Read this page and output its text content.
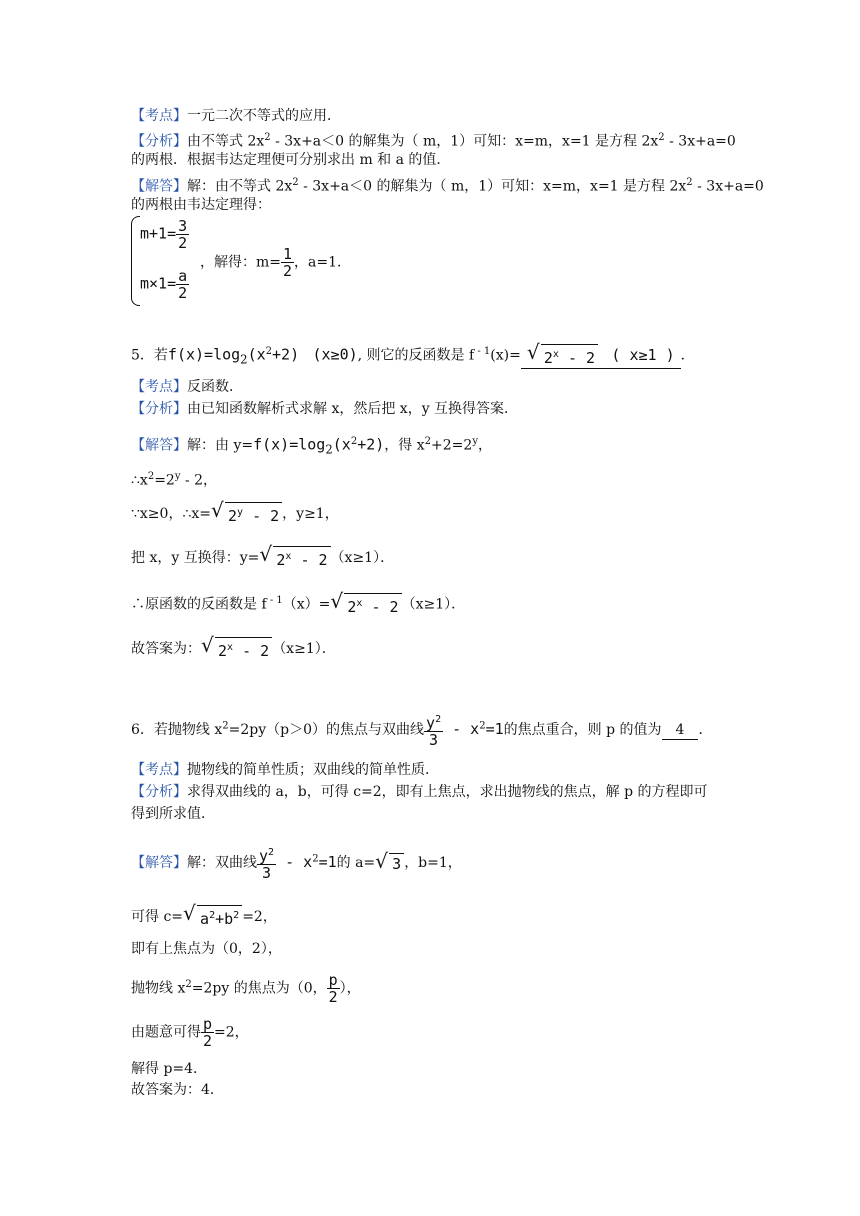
【考点】一元二次不等式的应用．
【分析】由不等式 $2x^2 - 3x+a<0$ 的解集为（ m，1）可知：x=m，x=1 是方程 $2x^2 - 3x+a=0$
的两根．根据韦达定理便可分别求出 m 和 a 的值．
【解答】解：由不等式 $2x^2 - 3x+a<0$ 的解集为（ m，1）可知：x=m，x=1 是方程 $2x^2 - 3x+a=0$
的两根由韦达定理得：
$m+1= \frac{3}{2}$
$m\times 1= \frac{a}{2}$
，解得：$m= \frac{1}{2}$ ，a=1．
5．若$f(x)=\log_2(x^2+2)$ (x≥0), 则它的反函数是 f $^{- 1}$(x)= √ 2$^x$ - 2 ( x≥1 ) ．
【考点】反函数．
【分析】由已知函数解析式求解 x，然后把 x，y 互换得答案．
【解答】解：由 $y=f(x)=\log_2(x^2+2)$，得 $x^2+2=2^y$，
$\therefore x^2=2^y - 2$，
∵x≥0，∴x= √ 2$^y$ - 2 ，y≥1，
把 x，y 互换得：y= √ 2$^x$ - 2 （x≥1）．
∴原函数的反函数是 f $^{- 1}$（x）= √ 2$^x$ - 2 （x≥1）．
故答案为： √ 2$^x$ - 2 （x≥1）．
6．若抛物线 $x^2=2py(p>0)$的焦点与双曲线 $\frac{y^2}{3} - x^2=1$的焦点重合，则 p 的值为 4 ．
【考点】抛物线的简单性质；双曲线的简单性质．
【分析】求得双曲线的 a，b，可得 c=2，即有上焦点，求出抛物线的焦点，解 p 的方程即可
得到所求值．
【解答】解：双曲线 $\frac{y^2}{3} - x^2=1$的 a= √ 3 ，b=1，
可得 c= √ $a^2+b^2 =2$，
即有上焦点为（0，2），
抛物线 $x^2=2py$ 的焦点为（0， $\frac{p}{2}$ ），
由题意可得 $\frac{p}{2} =2$，
解得 p=4．
故答案为：4．
